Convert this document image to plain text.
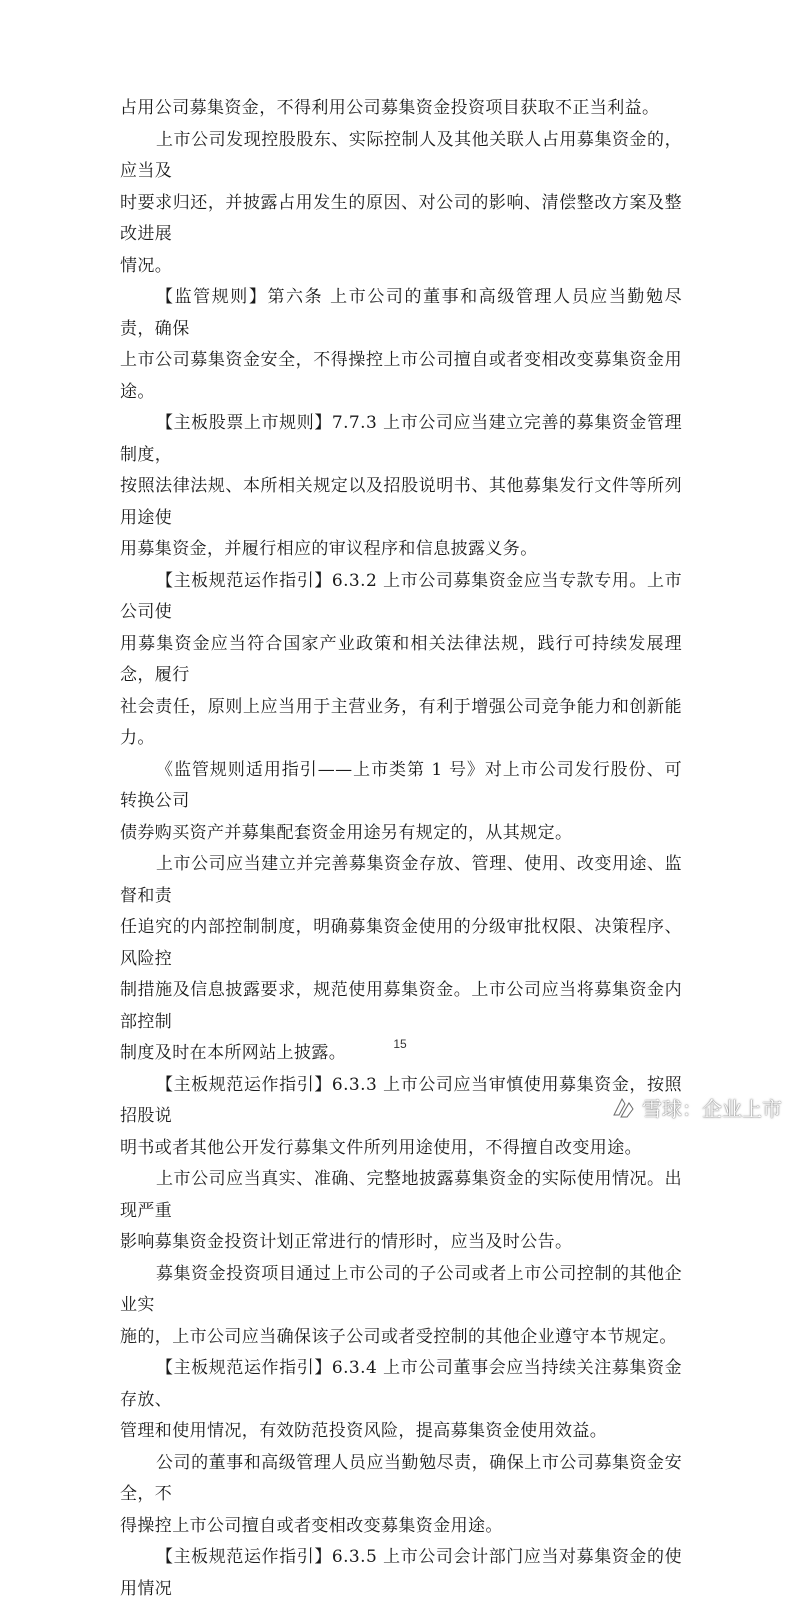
占用公司募集资金，不得利用公司募集资金投资项目获取不正当利益。

上市公司发现控股股东、实际控制人及其他关联人占用募集资金的，应当及
时要求归还，并披露占用发生的原因、对公司的影响、清偿整改方案及整改进展
情况。

【监管规则】第六条 上市公司的董事和高级管理人员应当勤勉尽责，确保
上市公司募集资金安全，不得操控上市公司擅自或者变相改变募集资金用途。

【主板股票上市规则】7.7.3 上市公司应当建立完善的募集资金管理制度，
按照法律法规、本所相关规定以及招股说明书、其他募集发行文件等所列用途使
用募集资金，并履行相应的审议程序和信息披露义务。

【主板规范运作指引】6.3.2 上市公司募集资金应当专款专用。上市公司使
用募集资金应当符合国家产业政策和相关法律法规，践行可持续发展理念，履行
社会责任，原则上应当用于主营业务，有利于增强公司竞争能力和创新能力。

《监管规则适用指引——上市类第 1 号》对上市公司发行股份、可转换公司
债券购买资产并募集配套资金用途另有规定的，从其规定。

上市公司应当建立并完善募集资金存放、管理、使用、改变用途、监督和责
任追究的内部控制制度，明确募集资金使用的分级审批权限、决策程序、风险控
制措施及信息披露要求，规范使用募集资金。上市公司应当将募集资金内部控制
制度及时在本所网站上披露。

【主板规范运作指引】6.3.3 上市公司应当审慎使用募集资金，按照招股说
明书或者其他公开发行募集文件所列用途使用，不得擅自改变用途。

上市公司应当真实、准确、完整地披露募集资金的实际使用情况。出现严重
影响募集资金投资计划正常进行的情形时，应当及时公告。

募集资金投资项目通过上市公司的子公司或者上市公司控制的其他企业实
施的，上市公司应当确保该子公司或者受控制的其他企业遵守本节规定。

【主板规范运作指引】6.3.4 上市公司董事会应当持续关注募集资金存放、
管理和使用情况，有效防范投资风险，提高募集资金使用效益。

公司的董事和高级管理人员应当勤勉尽责，确保上市公司募集资金安全，不
得操控上市公司擅自或者变相改变募集资金用途。

【主板规范运作指引】6.3.5 上市公司会计部门应当对募集资金的使用情况

15
雪球：企业上市
